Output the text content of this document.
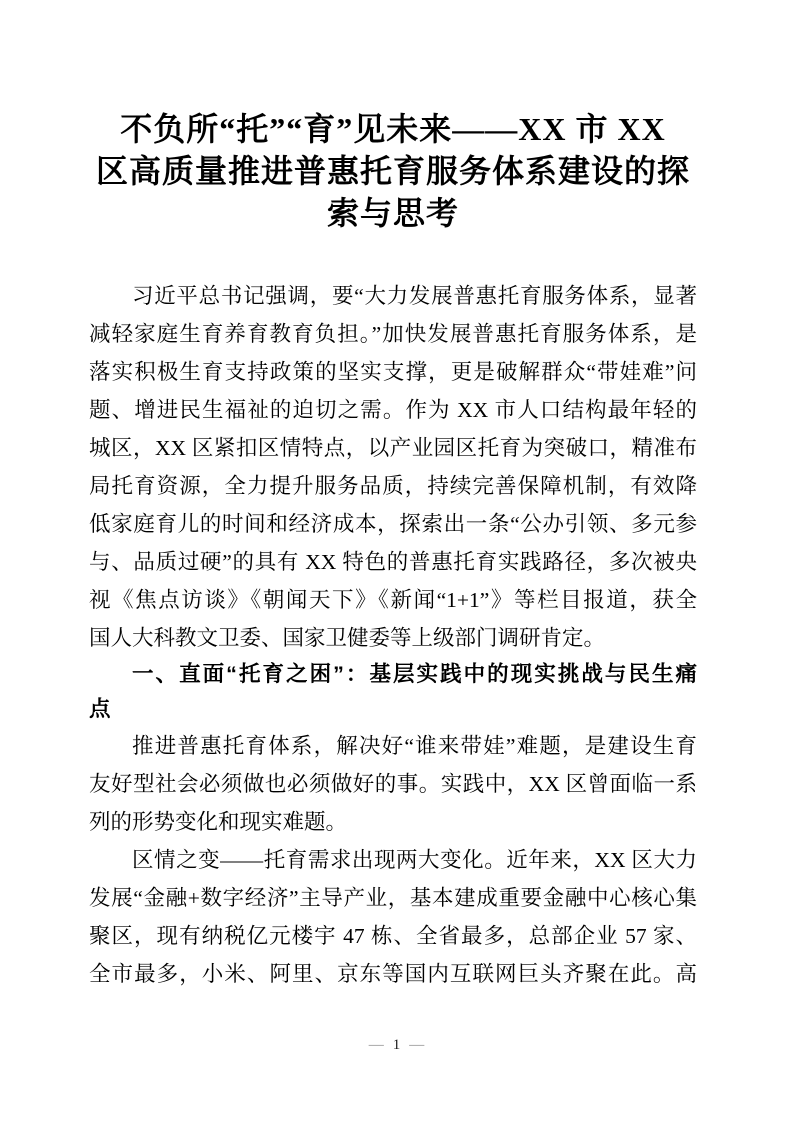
不负所“托”“育”见未来——XX 市 XX
区高质量推进普惠托育服务体系建设的探
索与思考
习近平总书记强调，要“大力发展普惠托育服务体系，显著
减轻家庭生育养育教育负担。”加快发展普惠托育服务体系，是
落实积极生育支持政策的坚实支撑，更是破解群众“带娃难”问
题、增进民生福祉的迫切之需。作为 XX 市人口结构最年轻的
城区，XX 区紧扣区情特点，以产业园区托育为突破口，精准布
局托育资源，全力提升服务品质，持续完善保障机制，有效降
低家庭育儿的时间和经济成本，探索出一条“公办引领、多元参
与、品质过硬”的具有 XX 特色的普惠托育实践路径，多次被央
视《焦点访谈》《朝闻天下》《新闻“1+1”》等栏目报道，获全
国人大科教文卫委、国家卫健委等上级部门调研肯定。
一、直面“托育之困”：基层实践中的现实挑战与民生痛
点
推进普惠托育体系，解决好“谁来带娃”难题，是建设生育
友好型社会必须做也必须做好的事。实践中，XX 区曾面临一系
列的形势变化和现实难题。
区情之变——托育需求出现两大变化。近年来，XX 区大力
发展“金融+数字经济”主导产业，基本建成重要金融中心核心集
聚区，现有纳税亿元楼宇 47 栋、全省最多，总部企业 57 家、
全市最多，小米、阿里、京东等国内互联网巨头齐聚在此。高
— 1 —
